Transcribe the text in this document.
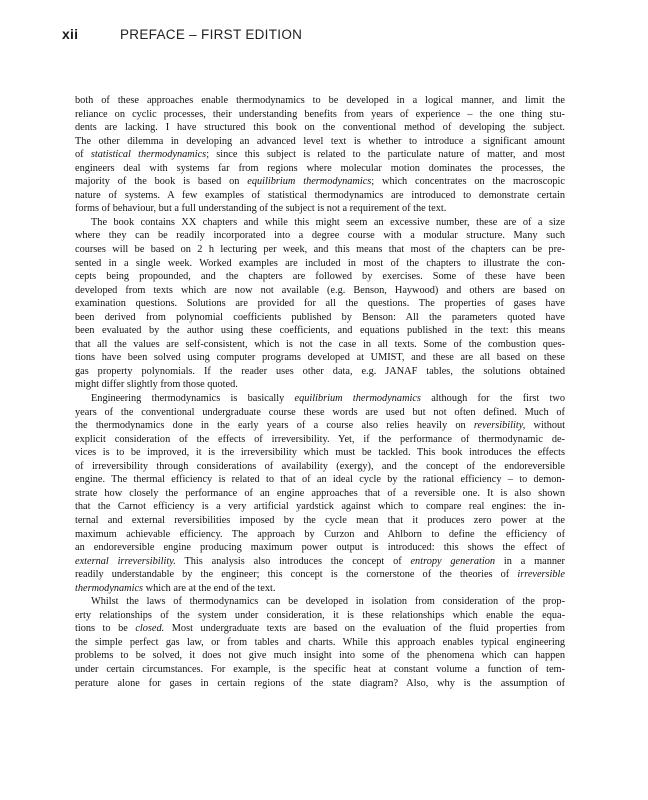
xii	PREFACE – FIRST EDITION
both of these approaches enable thermodynamics to be developed in a logical manner, and limit the
reliance on cyclic processes, their understanding benefits from years of experience – the one thing stu-
dents are lacking. I have structured this book on the conventional method of developing the subject.
The other dilemma in developing an advanced level text is whether to introduce a significant amount
of statistical thermodynamics; since this subject is related to the particulate nature of matter, and most
engineers deal with systems far from regions where molecular motion dominates the processes, the
majority of the book is based on equilibrium thermodynamics; which concentrates on the macroscopic
nature of systems. A few examples of statistical thermodynamics are introduced to demonstrate certain
forms of behaviour, but a full understanding of the subject is not a requirement of the text.
The book contains XX chapters and while this might seem an excessive number, these are of a size
where they can be readily incorporated into a degree course with a modular structure. Many such
courses will be based on 2 h lecturing per week, and this means that most of the chapters can be pre-
sented in a single week. Worked examples are included in most of the chapters to illustrate the con-
cepts being propounded, and the chapters are followed by exercises. Some of these have been
developed from texts which are now not available (e.g. Benson, Haywood) and others are based on
examination questions. Solutions are provided for all the questions. The properties of gases have
been derived from polynomial coefficients published by Benson: All the parameters quoted have
been evaluated by the author using these coefficients, and equations published in the text: this means
that all the values are self-consistent, which is not the case in all texts. Some of the combustion ques-
tions have been solved using computer programs developed at UMIST, and these are all based on these
gas property polynomials. If the reader uses other data, e.g. JANAF tables, the solutions obtained
might differ slightly from those quoted.
Engineering thermodynamics is basically equilibrium thermodynamics although for the first two
years of the conventional undergraduate course these words are used but not often defined. Much of
the thermodynamics done in the early years of a course also relies heavily on reversibility, without
explicit consideration of the effects of irreversibility. Yet, if the performance of thermodynamic de-
vices is to be improved, it is the irreversibility which must be tackled. This book introduces the effects
of irreversibility through considerations of availability (exergy), and the concept of the endoreversible
engine. The thermal efficiency is related to that of an ideal cycle by the rational efficiency – to demon-
strate how closely the performance of an engine approaches that of a reversible one. It is also shown
that the Carnot efficiency is a very artificial yardstick against which to compare real engines: the in-
ternal and external reversibilities imposed by the cycle mean that it produces zero power at the
maximum achievable efficiency. The approach by Curzon and Ahlborn to define the efficiency of
an endoreversible engine producing maximum power output is introduced: this shows the effect of
external irreversibility. This analysis also introduces the concept of entropy generation in a manner
readily understandable by the engineer; this concept is the cornerstone of the theories of irreversible
thermodynamics which are at the end of the text.
Whilst the laws of thermodynamics can be developed in isolation from consideration of the prop-
erty relationships of the system under consideration, it is these relationships which enable the equa-
tions to be closed. Most undergraduate texts are based on the evaluation of the fluid properties from
the simple perfect gas law, or from tables and charts. While this approach enables typical engineering
problems to be solved, it does not give much insight into some of the phenomena which can happen
under certain circumstances. For example, is the specific heat at constant volume a function of tem-
perature alone for gases in certain regions of the state diagram? Also, why is the assumption of
